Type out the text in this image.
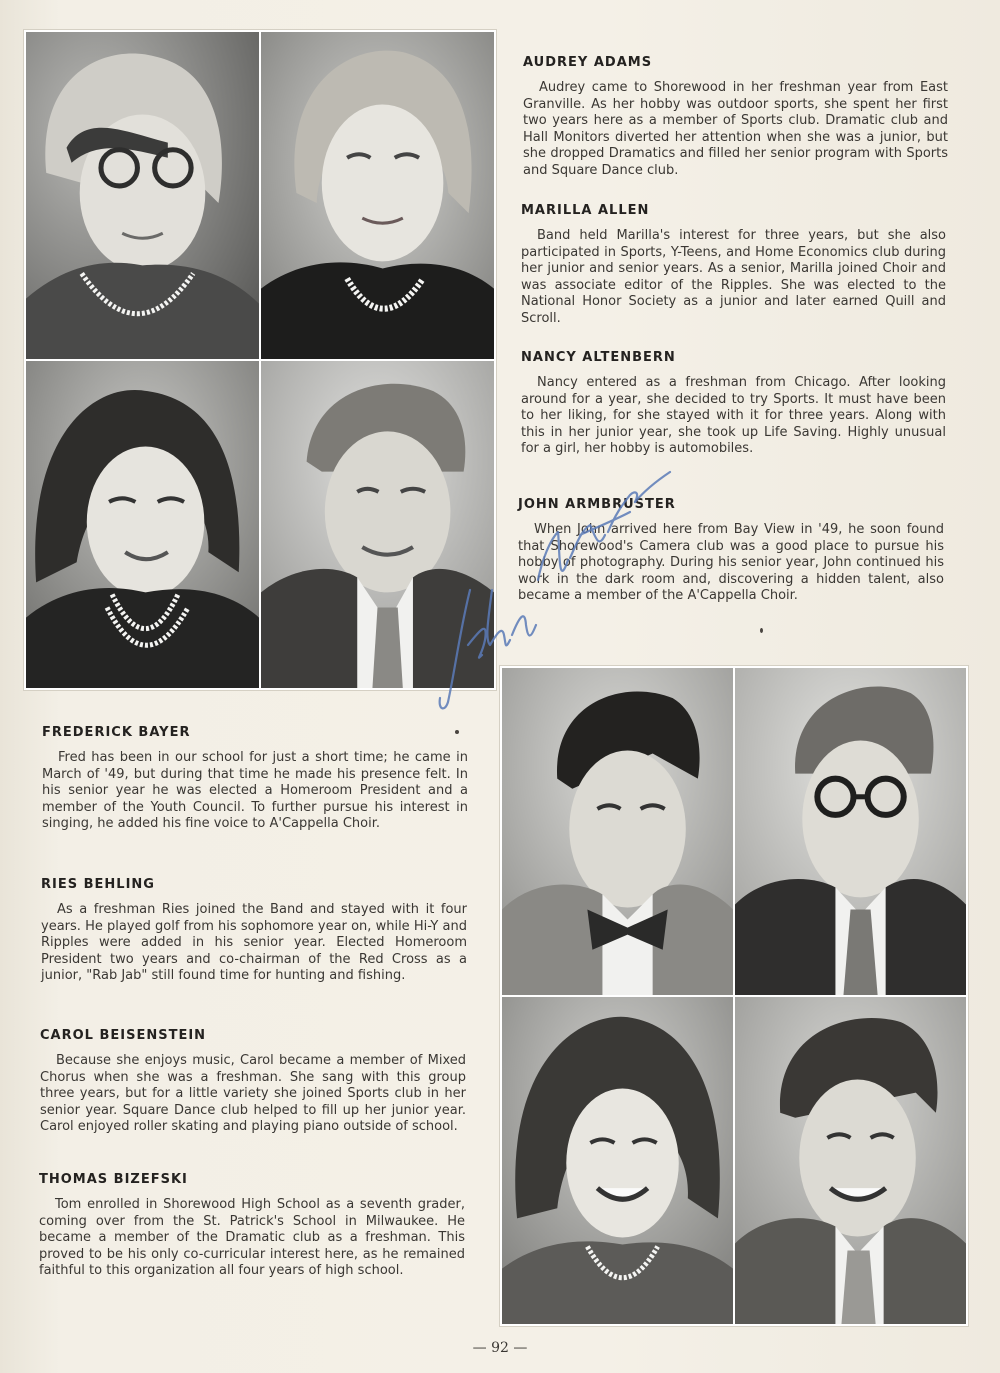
AUDREY ADAMS

Audrey came to Shorewood in her freshman year from East Granville. As her hobby was outdoor sports, she spent her first two years here as a member of Sports club. Dramatic club and Hall Monitors diverted her attention when she was a junior, but she dropped Dramatics and filled her senior program with Sports and Square Dance club.

MARILLA ALLEN

Band held Marilla's interest for three years, but she also participated in Sports, Y-Teens, and Home Economics club during her junior and senior years. As a senior, Marilla joined Choir and was associate editor of the Ripples. She was elected to the National Honor Society as a junior and later earned Quill and Scroll.

NANCY ALTENBERN

Nancy entered as a freshman from Chicago. After looking around for a year, she decided to try Sports. It must have been to her liking, for she stayed with it for three years. Along with this in her junior year, she took up Life Saving. Highly unusual for a girl, her hobby is automobiles.

JOHN ARMBRUSTER

When John arrived here from Bay View in '49, he soon found that Shorewood's Camera club was a good place to pursue his hobby of photography. During his senior year, John continued his work in the dark room and, discovering a hidden talent, also became a member of the A'Cappella Choir.

FREDERICK BAYER

Fred has been in our school for just a short time; he came in March of '49, but during that time he made his presence felt. In his senior year he was elected a Homeroom President and a member of the Youth Council. To further pursue his interest in singing, he added his fine voice to A'Cappella Choir.

RIES BEHLING

As a freshman Ries joined the Band and stayed with it four years. He played golf from his sophomore year on, while Hi-Y and Ripples were added in his senior year. Elected Homeroom President two years and co-chairman of the Red Cross as a junior, "Rab Jab" still found time for hunting and fishing.

CAROL BEISENSTEIN

Because she enjoys music, Carol became a member of Mixed Chorus when she was a freshman. She sang with this group three years, but for a little variety she joined Sports club in her senior year. Square Dance club helped to fill up her junior year. Carol enjoyed roller skating and playing piano outside of school.

THOMAS BIZEFSKI

Tom enrolled in Shorewood High School as a seventh grader, coming over from the St. Patrick's School in Milwaukee. He became a member of the Dramatic club as a freshman. This proved to be his only co-curricular interest here, as he remained faithful to this organization all four years of high school.

— 92 —
